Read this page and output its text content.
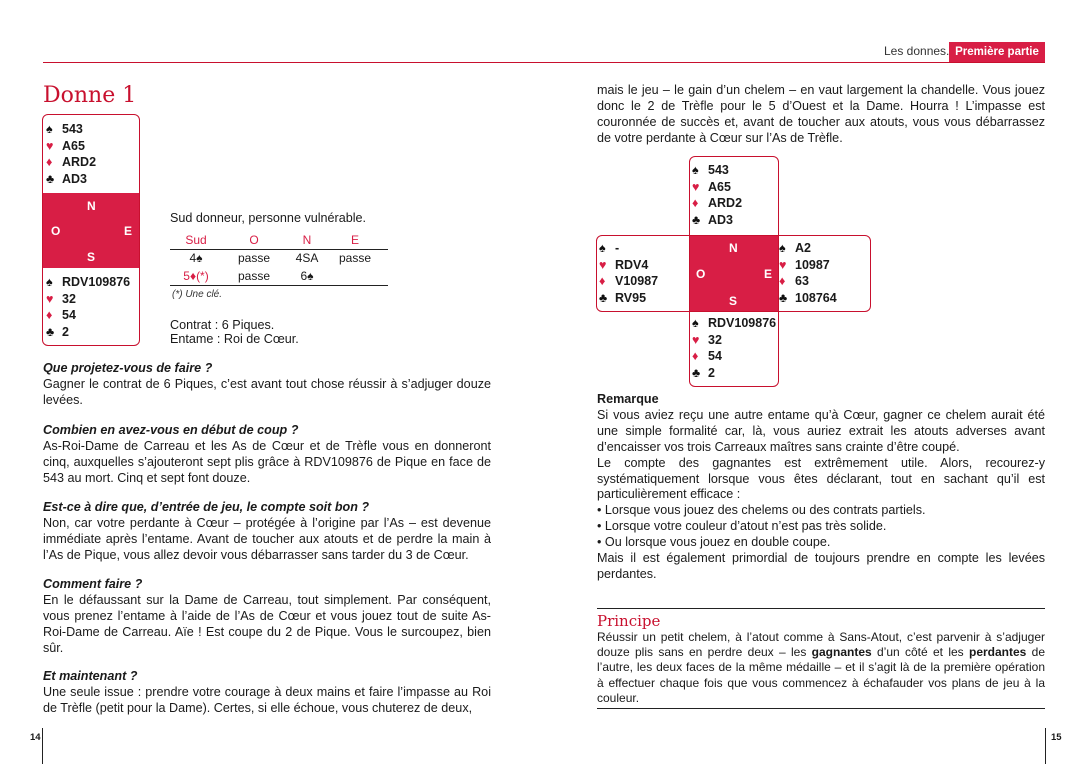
Les donnes. Première partie
Donne 1
N
O	E
S
♠ 543
♥ A65
♦ ARD2
♣ AD3
♠ RDV109876
♥ 32
♦ 54
♣ 2
Sud donneur, personne vulnérable.
Sud	O	N	E
4♠	passe	4SA	passe
5♦(*)	passe	6♠
(*) Une clé.
Contrat : 6 Piques.
Entame : Roi de Cœur.
Que projetez-vous de faire ?
Gagner le contrat de 6 Piques, c’est avant tout chose réussir à s’adjuger douze levées.
Combien en avez-vous en début de coup ?
As-Roi-Dame de Carreau et les As de Cœur et de Trèfle vous en donneront cinq, auxquelles s’ajouteront sept plis grâce à RDV109876 de Pique en face de 543 au mort. Cinq et sept font douze.
Est-ce à dire que, d’entrée de jeu, le compte soit bon ?
Non, car votre perdante à Cœur – protégée à l’origine par l’As – est devenue immédiate après l’entame. Avant de toucher aux atouts et de perdre la main à l’As de Pique, vous allez devoir vous débarrasser sans tarder du 3 de Cœur.
Comment faire ?
En le défaussant sur la Dame de Carreau, tout simplement. Par conséquent, vous prenez l’entame à l’aide de l’As de Cœur et vous jouez tout de suite As-Roi-Dame de Carreau. Aïe ! Est coupe du 2 de Pique. Vous le surcoupez, bien sûr.
Et maintenant ?
Une seule issue : prendre votre courage à deux mains et faire l’impasse au Roi de Trèfle (petit pour la Dame). Certes, si elle échoue, vous chuterez de deux,
mais le jeu – le gain d’un chelem – en vaut largement la chandelle. Vous jouez donc le 2 de Trèfle pour le 5 d’Ouest et la Dame. Hourra ! L’impasse est couronnée de succès et, avant de toucher aux atouts, vous vous débarrassez de votre perdante à Cœur sur l’As de Trèfle.
N
O	E
S
♠ 543
♥ A65
♦ ARD2
♣ AD3
♠ -
♥ RDV4
♦ V10987
♣ RV95
♠ A2
♥ 10987
♦ 63
♣ 108764
♠ RDV109876
♥ 32
♦ 54
♣ 2
Remarque
Si vous aviez reçu une autre entame qu’à Cœur, gagner ce chelem aurait été une simple formalité car, là, vous auriez extrait les atouts adverses avant d’encaisser vos trois Carreaux maîtres sans crainte d’être coupé.
Le compte des gagnantes est extrêmement utile. Alors, recourez-y systématiquement lorsque vous êtes déclarant, tout en sachant qu’il est particulièrement efficace :
• Lorsque vous jouez des chelems ou des contrats partiels.
• Lorsque votre couleur d’atout n’est pas très solide.
• Ou lorsque vous jouez en double coupe.
Mais il est également primordial de toujours prendre en compte les levées perdantes.
Principe
Réussir un petit chelem, à l’atout comme à Sans-Atout, c’est parvenir à s’adjuger douze plis sans en perdre deux – les gagnantes d’un côté et les perdantes de l’autre, les deux faces de la même médaille – et il s’agit là de la première opération à effectuer chaque fois que vous commencez à échafauder vos plans de jeu à la couleur.
14	15
